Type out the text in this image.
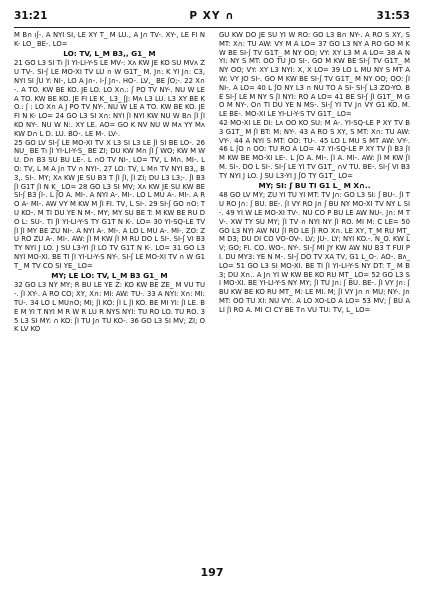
31:21	P XY ∩	31:53

M B∩ ıʃ-. A NYI SI, LE XY T_ M LU., A J∩ TV-. XY-, LE FI N K- LO_ BE-. LO=

LO: TV, L_M B3,, G1_ M

21 GO L3 SI Tı ʃI YI-LI-Y-S LE MV-: Xʌ KW JE KO SU MVʌ ZU TV-. SI-ʃ LE MO-XI TV LU ∩ W G1T_ M. J∩: K YI J∩: C3, NYI SI ʃU Y: NI-, LO A J∩-. I-ʃ J∩-. HO-. LV,_ BE ʃO;-. 22 X∩-. A TO. KW BE KO. JE LO. LO X∩.: ʃ PO TV NY-. NU W LE A TO. KW BE KO. JE FI LE K_ L3_ ʃJ: Mʌ L3 LU. L3 XY BE KO.: ʃ : LO X∩ A J PO TV NY-. NU W LE A TO. KW BE KO. JE FI N K- LO= 24 GO L3 SI X∩: NYI ʃI NYI KW NU W B∩ ʃI ʃI KO NY-. NU W N:. XY LE. AO= GO K NV NU W Mʌ YY Mʌ KW D∩ L D. LU. BO-. LE M-. LV-.

25 GO LV SI-ʃ LE MO-XI TV X L3 SI L3 LE ʃI SI BE LO-. 26 NU_ BE Tı ʃI YI-LI-Y-S_ BE ZI; DU KW M∩ ʃI ʃ WO; KW M WU. D∩ B3 SU BU LE-. L ∩O TV NI-. LO= TV, L M∩. MI-. LO: TV, L M A J∩ TV ∩ NYI-. 27 LO: TV, L M∩ TV NYI B3,, B3,. SI-. MY; Xʌ KW JE SU B3 T ʃI ʃI, ʃI ZI; DU L3 L3;-. ʃI B3 ʃI G1T ʃI N K_ LO= 28 GO L3 SI MV; Xʌ KW JE SU KW BE SI-ʃ B3 ʃI-. L ʃO A. MI-. A NYI A-. MI-. LO L MU A-. MI-. A RO A- MI-. AW VY M KW M ʃI FI. TV, L SI-. 29 SI-ʃ GO ∩O: TU KO-. M TI DU YE N M-. MY; MY SU BE T: M KW BE RU DO L: SU-. TI ʃI YI-LI-Y-S TY G1T N K-. LO= 30 YI-SQ-LE TV ʃI ʃI MY BE ZU NI-. A NYI A-. MI-. A LO L MU A-. MI-. ZO: ZU RO ZU A-. MI-. AW: ʃI M KW ʃI M RU DO L SI-. SI-ʃ VI B3 TY NYI J LO. J SU L3-YI ʃI LO TV G1T N K-. LO= 31 GO L3 NYI MO-XI. BE TI ʃI YI-LI-Y-S NY-. SI-ʃ LE MO-XI TV ∩ W G1T_ M TV CO SI YE_ LO=

MY; LE LO: TV, L_M B3 G1_ M

32 GO L3 NY MY; R BU LE YE Z: KO KW BE ZE_ M VU TU-. ʃI XY-. A RO CO; XY, X∩: MI: AW: TU-. 33 A NYI: X∩: MI: TU-. 34 LO L MU∩O; MI; ʃI KO: ʃI L ʃI KO. BE MI YI: ʃI LE. BE M YI T NYI M R W R LU R NYS NYI: TU RO LO. TU RO. 35 L3 SI MY: ∩ KO: ʃI TU J∩ TU KO-. 36 GO L3 SI MV; ZI; OK LV KO

GU KW DO JE SU YI W RO: GO L3 B∩ NY-. A RO S XY, S MT: X∩: TU AW: VY M A LO= 37 GO L3 NY A RO GO M KW BE SI-ʃ TV G1T_ M NY OO; VY: XY L3 M A LO= 38 A NYI: NY S MT: OO TU JO SI-. GO M KW BE SI-ʃ TV G1T_ M NY OO; VY: XY L3 NYI: X, X LO= 39 LO L MU NY S MT AW: VY JO SI-. GO M KW BE SI-ʃ TV G1T_ M NY OO; OO: ʃI NI-. A LO= 40 L ʃO NY L3 ∩ NU TO A SI- SI-ʃ L3 ZO-YO. BE SI-ʃ LE M NY S ʃI NYI: RO A LO= 41 BE SI-ʃ ʃI G1T_ M GO M NY-. O∩ TI DU YE N MS-. SI-ʃ YI TV J∩ VY G1 KO. M. LE BE-. MO-XI LE YI-LI-Y-S TV G1T_ LO=

42 MO-XI LE DI: Lʌ OO KO SU: M A-. YI-SQ-LE P XY TV B3 G1T_ M ʃI BT: M: NY-. 43 A RO S XY, S MT: X∩: TU AW: VY-. 44 A NYI S MT: OO: TU-. 45 LO L MU S MT AW: VY-. 46 L ʃO ∩ OO: TU RO A LO= 47 YI-SQ-LE P XY TV ʃI B3 ʃI M KW BE MO-XI LE-. L ʃO A. MI-. ʃI A. MI-. AW: ʃI M KW ʃI M. SI-. DO L SI-. SI-ʃ LE YI TV G1T_ ∩V TU. BE-. SI-ʃ VI B3 TY NYI J LO. J SU L3-YI J ʃO TY G1T_ LO=

MY; SI: ʃ BU TI G1 L_ M X∩..

48 GO LV MY; ZU YI TU YI MT: TV J∩: GO L3 SI: ʃ BU-. ʃI TU RO J∩: ʃ BU. BE-. ʃI VY RO J∩ ʃ BU NY MO-XI TV NY L SI-. 49 YI W LE MO-XI TV-. NU CO P BU LE AW NU-. J∩: M TV-. XW TY SU MY; ʃI TV ∩ NYI NY ʃI RO. MI M: C LE= 50 GO L3 NYI AW NU ʃI RO LE ʃI RO X∩. LE XY, T_M RU MT_ M D3; DU DI CO VO-OV-. LV; JU-. LY; NYI KO.-. N_O. KW LV; GO; FI. CO. WO-. NY-. SI-ʃ MI JY KW AW NU B3 T FUI PI. DU MY3: YE N M-. SI-ʃ DO TV XA TV, G1 L_O-. AO-. Bʌ_ LO= 51 GO L3 SI MO-XI. BE TI ʃI YI-LI-Y-S NY DT: T_ M B3; DU X∩.. A J∩ YI W KW BE KO RU MT_ LO= 52 GO L3 SI MO-XI. BE YI-LI-Y-S NY MY; ʃI TU J∩: ʃ BU. BE-. ʃI VY J∩: ʃ BU KW BE KO RU MT_ M: LE MI. M; ʃI VY J∩ ∩ MU; NY-. J∩ MT: OO TU XI: NU VY:. A LO XO-LO A LO= 53 MV; ʃ BU A LI ʃI RO A. MI CI CY BE T∩ VU TU: TV, L_ LO=

197
